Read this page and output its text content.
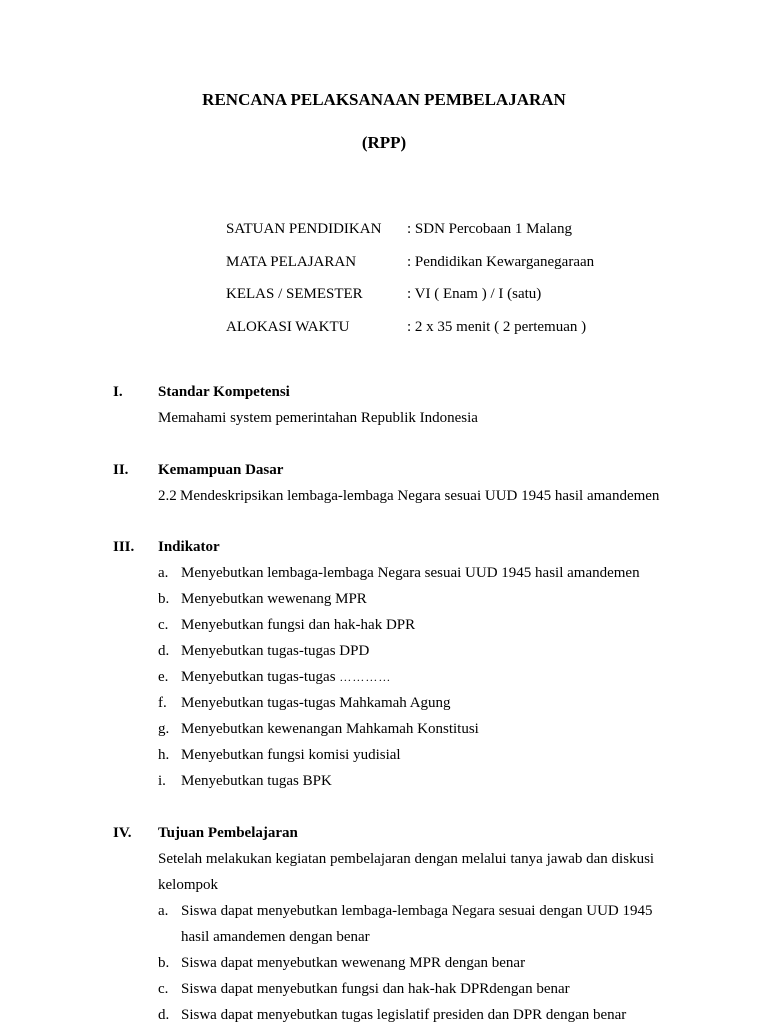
RENCANA PELAKSANAAN PEMBELAJARAN
(RPP)
SATUAN PENDIDIKAN	: SDN Percobaan 1 Malang
MATA PELAJARAN	: Pendidikan Kewarganegaraan
KELAS / SEMESTER	: VI ( Enam ) / I (satu)
ALOKASI WAKTU	: 2 x 35 menit ( 2 pertemuan )
I. Standar Kompetensi
Memahami system pemerintahan Republik Indonesia
II. Kemampuan Dasar
2.2 Mendeskripsikan lembaga-lembaga Negara sesuai UUD 1945 hasil amandemen
III. Indikator
a. Menyebutkan lembaga-lembaga Negara sesuai UUD 1945 hasil amandemen
b. Menyebutkan wewenang MPR
c. Menyebutkan fungsi dan hak-hak DPR
d. Menyebutkan tugas-tugas DPD
e. Menyebutkan tugas-tugas …………
f. Menyebutkan tugas-tugas Mahkamah Agung
g. Menyebutkan kewenangan Mahkamah Konstitusi
h. Menyebutkan fungsi komisi yudisial
i. Menyebutkan tugas BPK
IV. Tujuan Pembelajaran
Setelah melakukan kegiatan pembelajaran dengan melalui tanya jawab dan diskusi kelompok
a. Siswa dapat menyebutkan lembaga-lembaga Negara sesuai dengan UUD 1945 hasil amandemen dengan benar
b. Siswa dapat menyebutkan wewenang MPR dengan benar
c. Siswa dapat menyebutkan fungsi dan hak-hak DPRdengan benar
d. Siswa dapat menyebutkan tugas legislatif presiden dan DPR dengan benar
